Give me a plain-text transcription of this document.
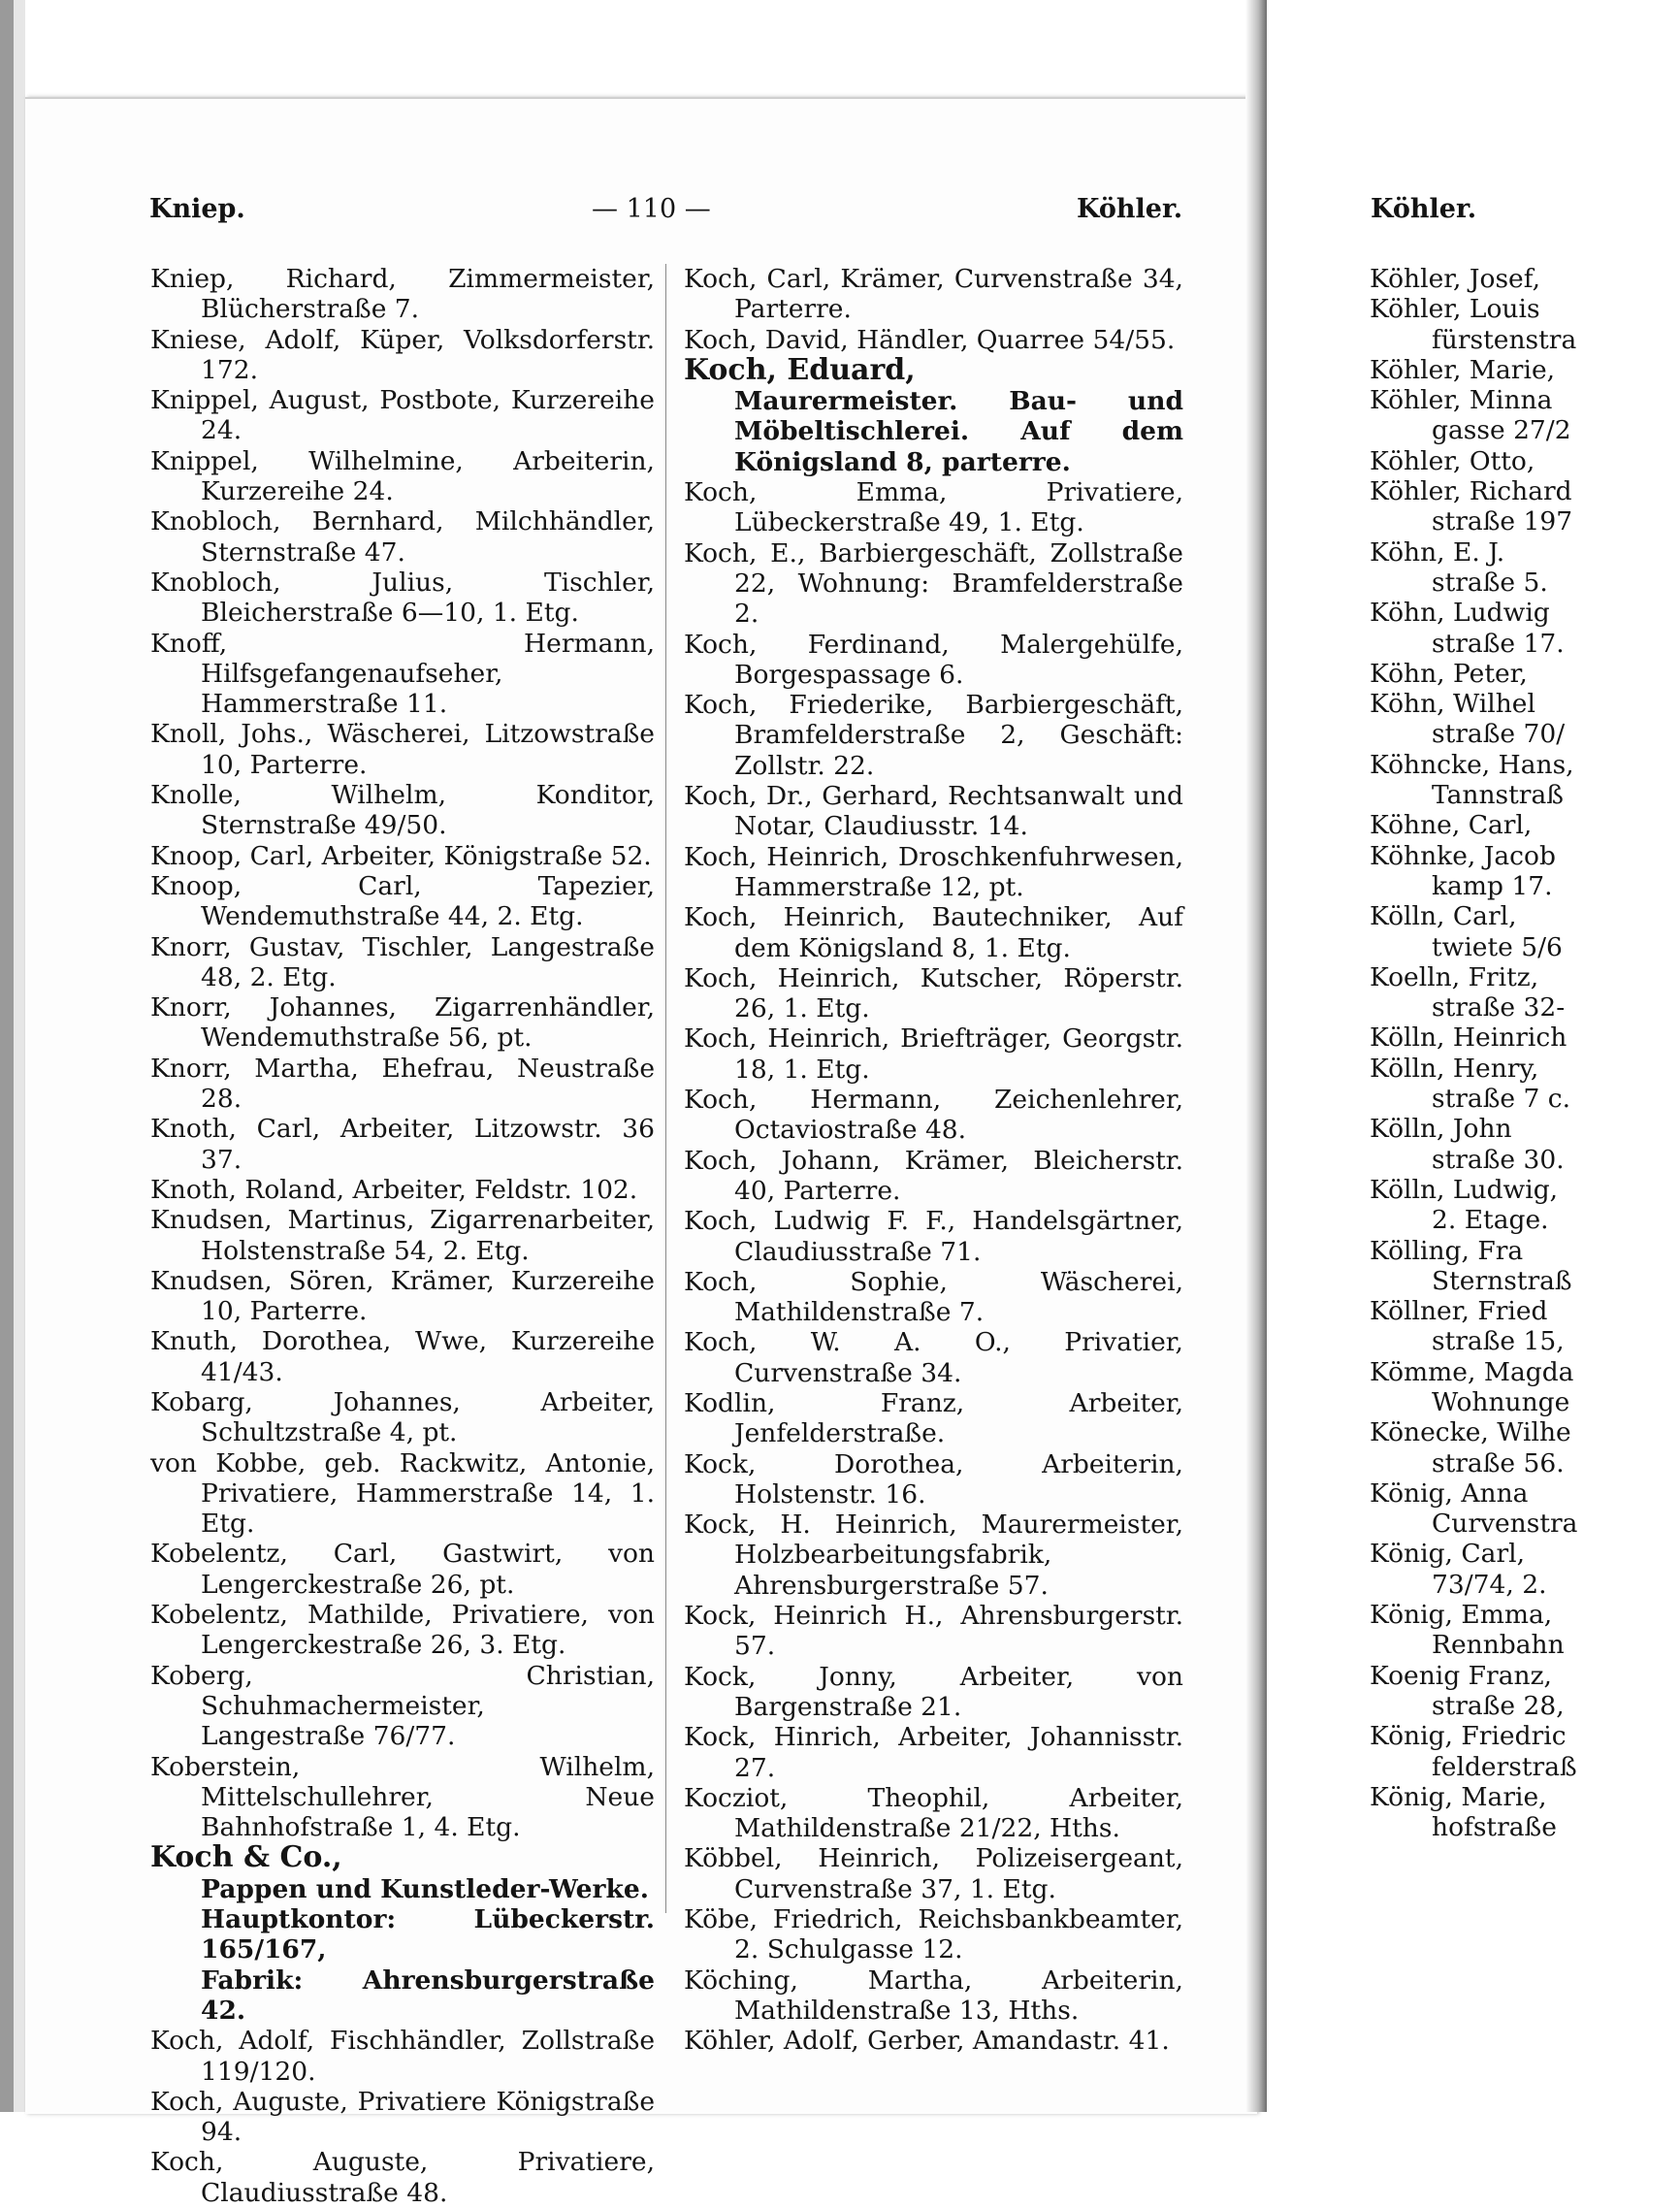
Kniep.	— 110 —	Köhler.	Köhler.
Kniep, Richard, Zimmermeister, Blücherstraße 7.
Kniese, Adolf, Küper, Volksdorferstr. 172.
Knippel, August, Postbote, Kurzereihe 24.
Knippel, Wilhelmine, Arbeiterin, Kurzereihe 24.
Knobloch, Bernhard, Milchhändler, Sternstraße 47.
Knobloch, Julius, Tischler, Bleicherstraße 6—10, 1. Etg.
Knoff, Hermann, Hilfsgefangenaufseher, Hammerstraße 11.
Knoll, Johs., Wäscherei, Litzowstraße 10, Parterre.
Knolle, Wilhelm, Konditor, Sternstraße 49/50.
Knoop, Carl, Arbeiter, Königstraße 52.
Knoop, Carl, Tapezier, Wendemuthstraße 44, 2. Etg.
Knorr, Gustav, Tischler, Langestraße 48, 2. Etg.
Knorr, Johannes, Zigarrenhändler, Wendemuthstraße 56, pt.
Knorr, Martha, Ehefrau, Neustraße 28.
Knoth, Carl, Arbeiter, Litzowstr. 36 37.
Knoth, Roland, Arbeiter, Feldstr. 102.
Knudsen, Martinus, Zigarrenarbeiter, Holstenstraße 54, 2. Etg.
Knudsen, Sören, Krämer, Kurzereihe 10, Parterre.
Knuth, Dorothea, Wwe, Kurzereihe 41/43.
Kobarg, Johannes, Arbeiter, Schultzstraße 4, pt.
von Kobbe, geb. Rackwitz, Antonie, Privatiere, Hammerstraße 14, 1. Etg.
Kobelentz, Carl, Gastwirt, von Lengerckestraße 26, pt.
Kobelentz, Mathilde, Privatiere, von Lengerckestraße 26, 3. Etg.
Koberg, Christian, Schuhmachermeister, Langestraße 76/77.
Koberstein, Wilhelm, Mittelschullehrer, Neue Bahnhofstraße 1, 4. Etg.
Koch & Co.,
Pappen und Kunstleder-Werke.
Hauptkontor: Lübeckerstr. 165/167,
Fabrik: Ahrensburgerstraße 42.
Koch, Adolf, Fischhändler, Zollstraße 119/120.
Koch, Auguste, Privatiere Königstraße 94.
Koch, Auguste, Privatiere, Claudiusstraße 48.
Koch, Carl, Krämer, Curvenstraße 34, Parterre.
Koch, David, Händler, Quarree 54/55.
Koch, Eduard,
Maurermeister. Bau- und Möbeltischlerei. Auf dem Königsland 8, parterre.
Koch, Emma, Privatiere, Lübeckerstraße 49, 1. Etg.
Koch, E., Barbiergeschäft, Zollstraße 22, Wohnung: Bramfelderstraße 2.
Koch, Ferdinand, Malergehülfe, Borgespassage 6.
Koch, Friederike, Barbiergeschäft, Bramfelderstraße 2, Geschäft: Zollstr. 22.
Koch, Dr., Gerhard, Rechtsanwalt und Notar, Claudiusstr. 14.
Koch, Heinrich, Droschkenfuhrwesen, Hammerstraße 12, pt.
Koch, Heinrich, Bautechniker, Auf dem Königsland 8, 1. Etg.
Koch, Heinrich, Kutscher, Röperstr. 26, 1. Etg.
Koch, Heinrich, Briefträger, Georgstr. 18, 1. Etg.
Koch, Hermann, Zeichenlehrer, Octaviostraße 48.
Koch, Johann, Krämer, Bleicherstr. 40, Parterre.
Koch, Ludwig F. F., Handelsgärtner, Claudiusstraße 71.
Koch, Sophie, Wäscherei, Mathildenstraße 7.
Koch, W. A. O., Privatier, Curvenstraße 34.
Kodlin, Franz, Arbeiter, Jenfelderstraße.
Kock, Dorothea, Arbeiterin, Holstenstr. 16.
Kock, H. Heinrich, Maurermeister, Holzbearbeitungsfabrik, Ahrensburgerstraße 57.
Kock, Heinrich H., Ahrensburgerstr. 57.
Kock, Jonny, Arbeiter, von Bargenstraße 21.
Kock, Hinrich, Arbeiter, Johannisstr. 27.
Kocziot, Theophil, Arbeiter, Mathildenstraße 21/22, Hths.
Köbbel, Heinrich, Polizeisergeant, Curvenstraße 37, 1. Etg.
Köbe, Friedrich, Reichsbankbeamter, 2. Schulgasse 12.
Köching, Martha, Arbeiterin, Mathildenstraße 13, Hths.
Köhler, Adolf, Gerber, Amandastr. 41.
Köhler, Josef,
Köhler, Louis
fürstenstra
Köhler, Marie,
Köhler, Minna
gasse 27/2
Köhler, Otto,
Köhler, Richard
straße 197
Köhn, E. J.
straße 5.
Köhn, Ludwig
straße 17.
Köhn, Peter,
Köhn, Wilhel
straße 70/
Köhncke, Hans,
Tannstraß
Köhne, Carl,
Köhnke, Jacob
kamp 17.
Kölln, Carl,
twiete 5/6
Koelln, Fritz,
straße 32-
Kölln, Heinrich
Kölln, Henry,
straße 7 c.
Kölln, John
straße 30.
Kölln, Ludwig,
2. Etage.
Kölling, Fra
Sternstraß
Köllner, Fried
straße 15,
Kömme, Magda
Wohnunge
Könecke, Wilhe
straße 56.
König, Anna
Curvenstra
König, Carl,
73/74, 2.
König, Emma,
Rennbahn
Koenig Franz,
straße 28,
König, Friedric
felderstraß
König, Marie,
hofstraße
